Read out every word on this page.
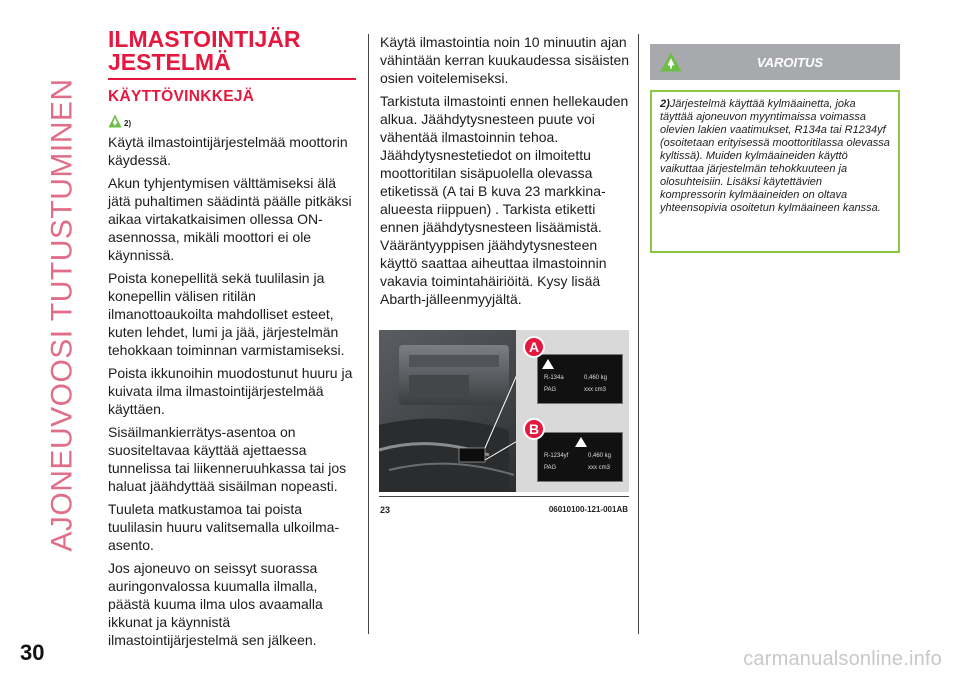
AJONEUVOOSI TUTUSTUMINEN
ILMASTOINTIJÄR
JESTELMÄ
KÄYTTÖVINKKEJÄ
2)

Käytä ilmastointijärjestelmää moottorin käydessä.

Akun tyhjentymisen välttämiseksi älä jätä puhaltimen säädintä päälle pitkäksi aikaa virtakatkaisimen ollessa ON-asennossa, mikäli moottori ei ole käynnissä.

Poista konepellitä sekä tuulilasin ja konepellin välisen ritilän ilmanottoaukoilta mahdolliset esteet, kuten lehdet, lumi ja jää, järjestelmän tehokkaan toiminnan varmistamiseksi.

Poista ikkunoihin muodostunut huuru ja kuivata ilma ilmastointijärjestelmää käyttäen.

Sisäilmankierrätys-asentoa on suositeltavaa käyttää ajettaessa tunnelissa tai liikenneruuhkassa tai jos haluat jäähdyttää sisäilman nopeasti.

Tuuleta matkustamoa tai poista tuulilasin huuru valitsemalla ulkoilma-asento.

Jos ajoneuvo on seissyt suorassa auringonvalossa kuumalla ilmalla, päästä kuuma ilma ulos avaamalla ikkunat ja käynnistä ilmastointijärjestelmä sen jälkeen.

Käytä ilmastointia noin 10 minuutin ajan vähintään kerran kuukaudessa sisäisten osien voitelemiseksi.

Tarkistuta ilmastointi ennen hellekauden alkua. Jäähdytysnesteen puute voi vähentää ilmastoinnin tehoa. Jäähdytysnestetiedot on ilmoitettu moottoritilan sisäpuolella olevassa etiketissä (A tai B kuva 23 markkina-alueesta riippuen) . Tarkista etiketti ennen jäähdytysnesteen lisäämistä. Vääräntyyppisen jäähdytysnesteen käyttö saattaa aiheuttaa ilmastoinnin vakavia toimintahäiriöitä. Kysy lisää Abarth-jälleenmyyjältä.

R-134a	0,460 kg
PAG	xxx cm3
A
R-1234yf	0,460 kg
PAG	xxx cm3
B
23	06010100-121-001AB
VAROITUS

2)Järjestelmä käyttää kylmäainetta, joka täyttää ajoneuvon myyntimaissa voimassa olevien lakien vaatimukset, R134a tai R1234yf (osoitetaan erityisessä moottoritilassa olevassa kyltissä). Muiden kylmäaineiden käyttö vaikuttaa järjestelmän tehokkuuteen ja olosuhteisiin. Lisäksi käytettävien kompressorin kylmäaineiden on oltava yhteensopivia osoitetun kylmäaineen kanssa.

30	carmanualsonline.info
